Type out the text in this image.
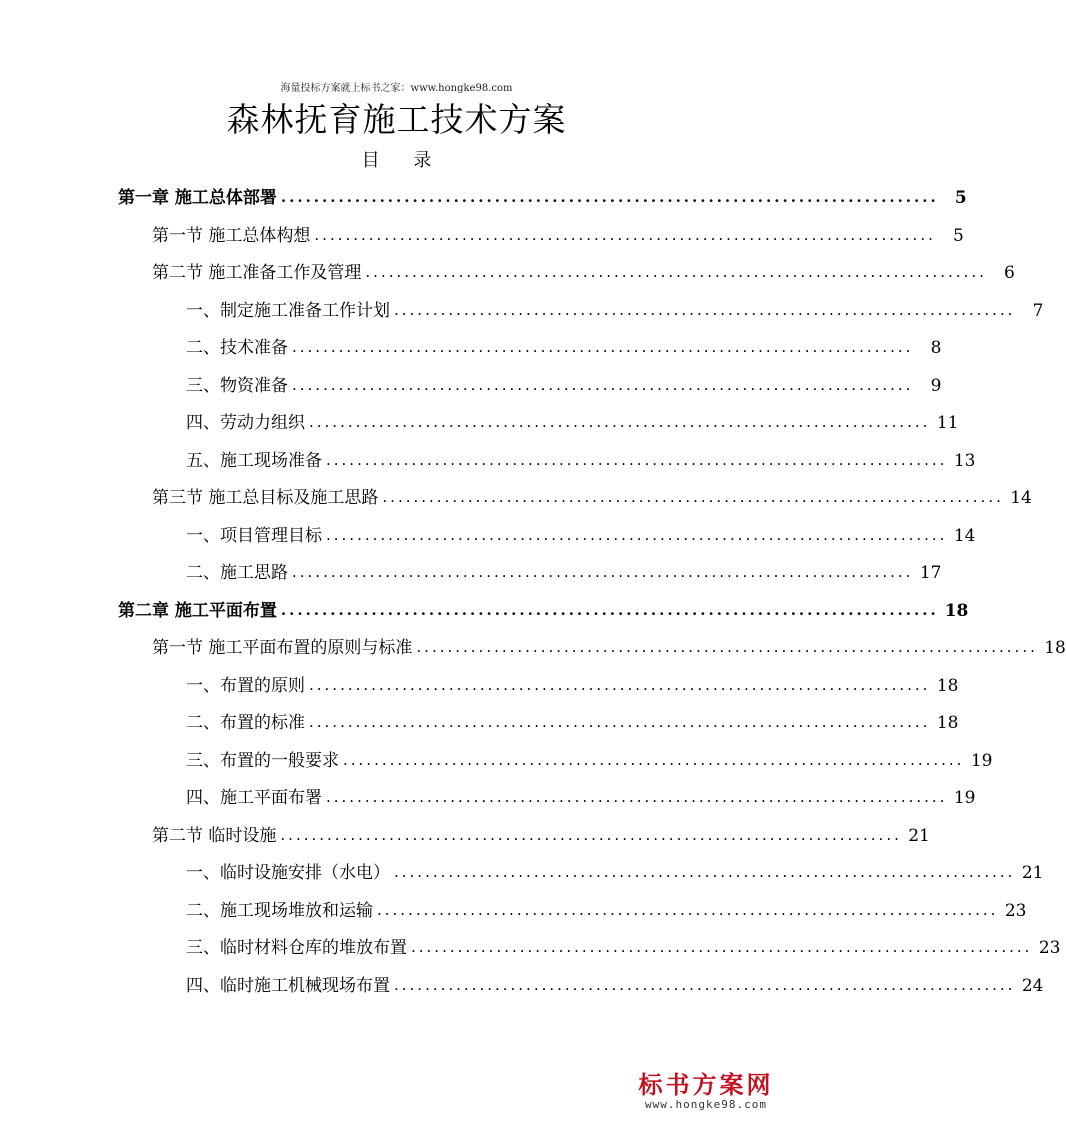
海量投标方案就上标书之家：www.hongke98.com
森林抚育施工技术方案
目 录
第一章 施工总体部署 ................................................................................ 5
第一节 施工总体构想 ................................................................................	5
第二节 施工准备工作及管理 ................................................................................	6
一、制定施工准备工作计划 ................................................................................	7
二、技术准备 ................................................................................	8
三、物资准备 ................................................................................	9
四、劳动力组织 ................................................................................ 11
五、施工现场准备 ................................................................................ 13
第三节 施工总目标及施工思路 ................................................................................ 14
一、项目管理目标 ................................................................................ 14
二、施工思路 ................................................................................ 17
第二章 施工平面布置 ................................................................................ 18
第一节 施工平面布置的原则与标准 ................................................................................ 18
一、布置的原则 ................................................................................ 18
二、布置的标准 ................................................................................ 18
三、布置的一般要求 ................................................................................ 19
四、施工平面布署 ................................................................................ 19
第二节 临时设施 ................................................................................ 21
一、临时设施安排（水电） ................................................................................ 21
二、施工现场堆放和运输 ................................................................................ 23
三、临时材料仓库的堆放布置 ................................................................................ 23
四、临时施工机械现场布置 ................................................................................ 24
标书方案网
www.hongke98.com
